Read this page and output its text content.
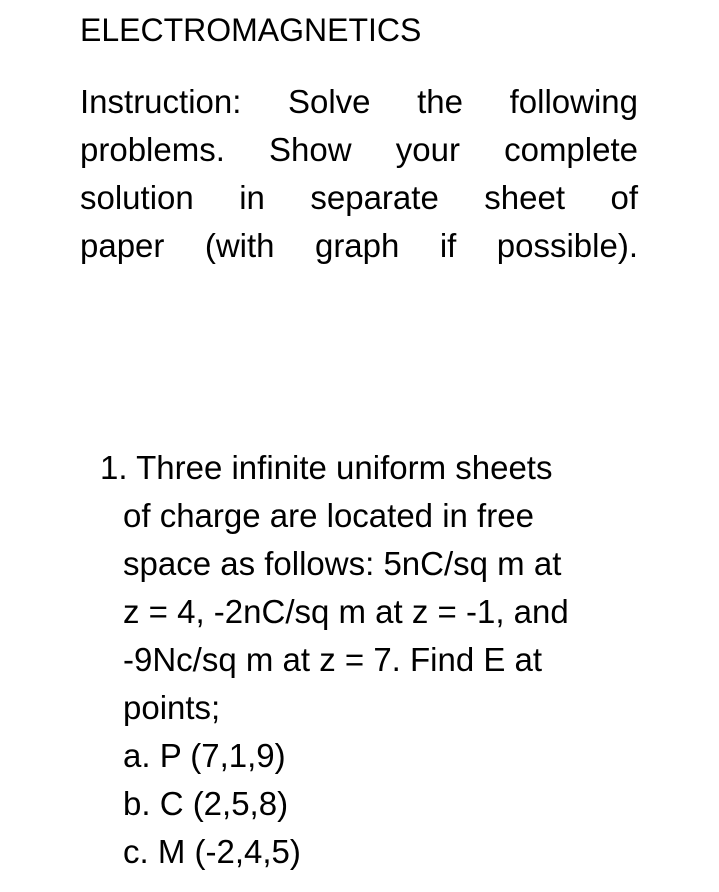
ELECTROMAGNETICS
Instruction: Solve the following
problems. Show your complete
solution in separate sheet of
paper (with graph if possible).
1. Three infinite uniform sheets
of charge are located in free
space as follows: 5nC/sq m at
z = 4, -2nC/sq m at z = -1, and
-9Nc/sq m at z = 7. Find E at
points;
a. P (7,1,9)
b. C (2,5,8)
c. M (-2,4,5)
